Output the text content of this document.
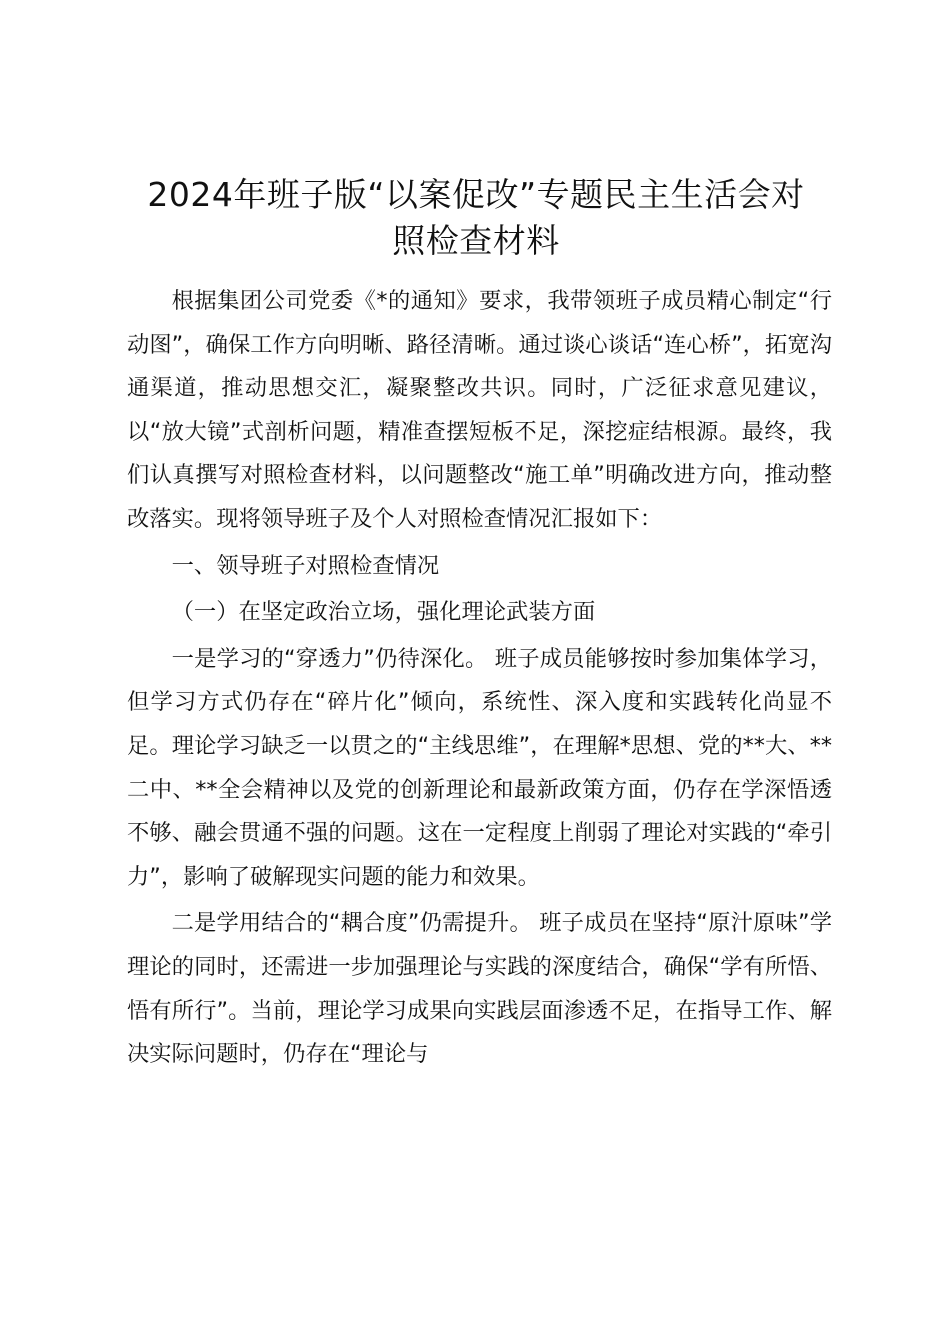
2024年班子版“以案促改”专题民主生活会对
照检查材料

根据集团公司党委《*的通知》要求，我带领班子成员精心制定“行动图”，确保工作方向明晰、路径清晰。通过谈心谈话“连心桥”，拓宽沟通渠道，推动思想交汇，凝聚整改共识。同时，广泛征求意见建议，以“放大镜”式剖析问题，精准查摆短板不足，深挖症结根源。最终，我们认真撰写对照检查材料，以问题整改“施工单”明确改进方向，推动整改落实。现将领导班子及个人对照检查情况汇报如下：

一、领导班子对照检查情况

（一）在坚定政治立场，强化理论武装方面

一是学习的“穿透力”仍待深化。 班子成员能够按时参加集体学习，但学习方式仍存在“碎片化”倾向，系统性、深入度和实践转化尚显不足。理论学习缺乏一以贯之的“主线思维”，在理解*思想、党的**大、**二中、**全会精神以及党的创新理论和最新政策方面，仍存在学深悟透不够、融会贯通不强的问题。这在一定程度上削弱了理论对实践的“牵引力”，影响了破解现实问题的能力和效果。

二是学用结合的“耦合度”仍需提升。 班子成员在坚持“原汁原味”学理论的同时，还需进一步加强理论与实践的深度结合，确保“学有所悟、悟有所行”。当前，理论学习成果向实践层面渗透不足，在指导工作、解决实际问题时，仍存在“理论与
